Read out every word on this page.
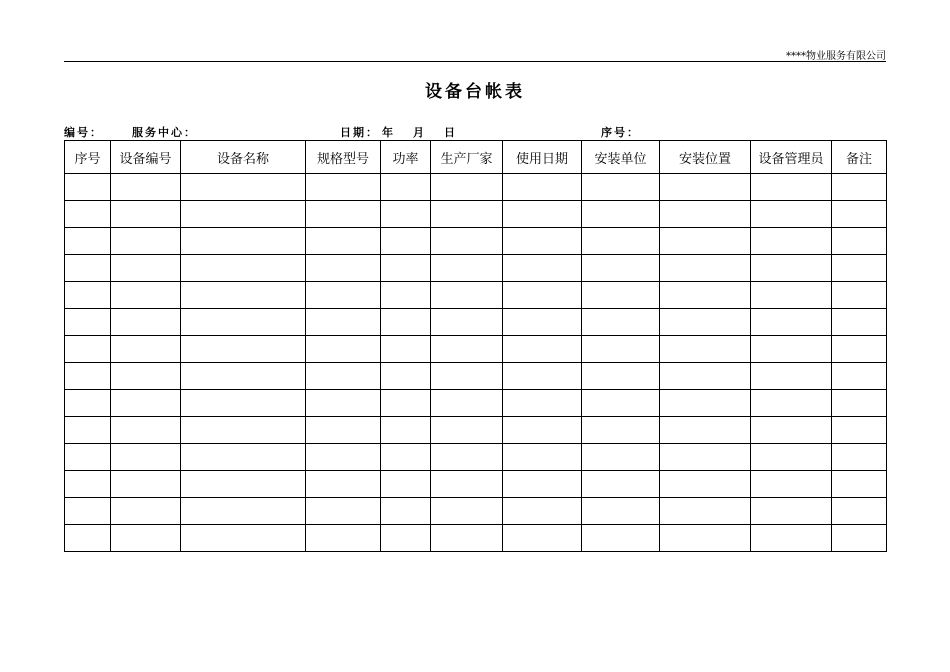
****物业服务有限公司
设备台帐表
编号：	服务中心：	日期： 年 月 日	序号：
序号	设备编号	设备名称	规格型号	功率	生产厂家	使用日期	安装单位	安装位置	设备管理员	备注
